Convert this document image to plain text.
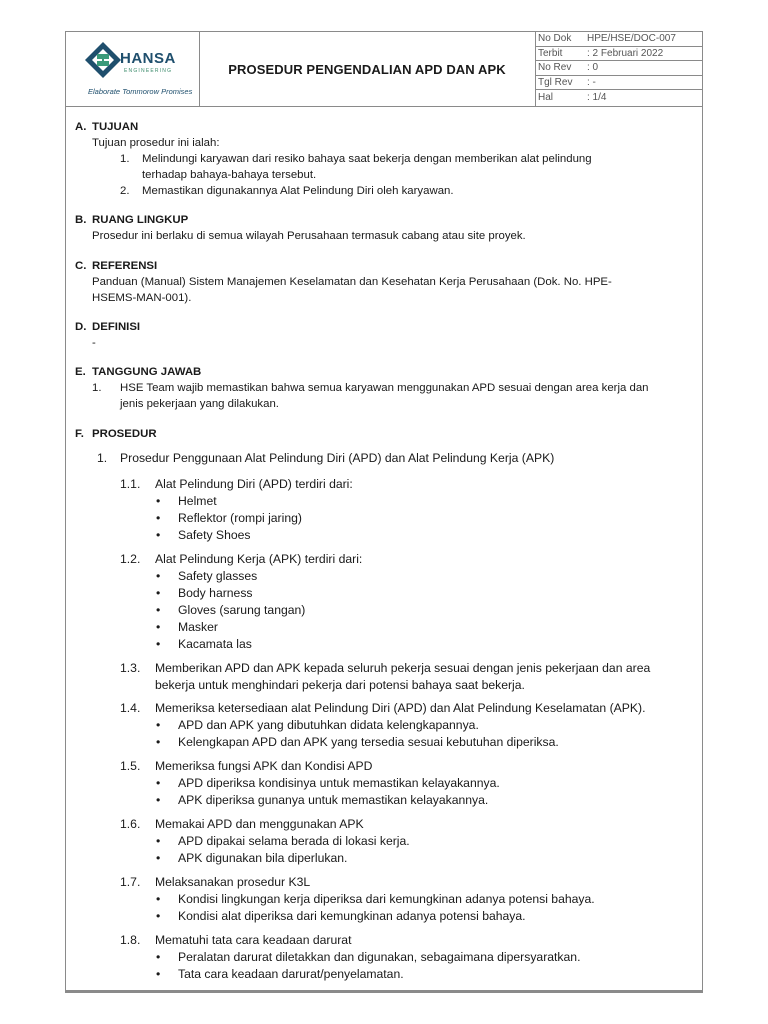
HANSA
ENGINEERING
Elaborate Tommorow Promises
PROSEDUR PENGENDALIAN APD DAN APK
No Dok	HPE/HSE/DOC-007
Terbit	: 2 Februari 2022
No Rev	: 0
Tgl Rev	: -
Hal	: 1/4
A. TUJUAN
Tujuan prosedur ini ialah:
1. Melindungi karyawan dari resiko bahaya saat bekerja dengan memberikan alat pelindung
terhadap bahaya-bahaya tersebut.
2. Memastikan digunakannya Alat Pelindung Diri oleh karyawan.
B. RUANG LINGKUP
Prosedur ini berlaku di semua wilayah Perusahaan termasuk cabang atau site proyek.
C. REFERENSI
Panduan (Manual) Sistem Manajemen Keselamatan dan Kesehatan Kerja Perusahaan (Dok. No. HPE-
HSEMS-MAN-001).
D. DEFINISI
-
E. TANGGUNG JAWAB
1. HSE Team wajib memastikan bahwa semua karyawan menggunakan APD sesuai dengan area kerja dan
jenis pekerjaan yang dilakukan.
F. PROSEDUR
1. Prosedur Penggunaan Alat Pelindung Diri (APD) dan Alat Pelindung Kerja (APK)
1.1. Alat Pelindung Diri (APD) terdiri dari:
• Helmet
• Reflektor (rompi jaring)
• Safety Shoes
1.2. Alat Pelindung Kerja (APK) terdiri dari:
• Safety glasses
• Body harness
• Gloves (sarung tangan)
• Masker
• Kacamata las
1.3. Memberikan APD dan APK kepada seluruh pekerja sesuai dengan jenis pekerjaan dan area
bekerja untuk menghindari pekerja dari potensi bahaya saat bekerja.
1.4. Memeriksa ketersediaan alat Pelindung Diri (APD) dan Alat Pelindung Keselamatan (APK).
• APD dan APK yang dibutuhkan didata kelengkapannya.
• Kelengkapan APD dan APK yang tersedia sesuai kebutuhan diperiksa.
1.5. Memeriksa fungsi APK dan Kondisi APD
• APD diperiksa kondisinya untuk memastikan kelayakannya.
• APK diperiksa gunanya untuk memastikan kelayakannya.
1.6. Memakai APD dan menggunakan APK
• APD dipakai selama berada di lokasi kerja.
• APK digunakan bila diperlukan.
1.7. Melaksanakan prosedur K3L
• Kondisi lingkungan kerja diperiksa dari kemungkinan adanya potensi bahaya.
• Kondisi alat diperiksa dari kemungkinan adanya potensi bahaya.
1.8. Mematuhi tata cara keadaan darurat
• Peralatan darurat diletakkan dan digunakan, sebagaimana dipersyaratkan.
• Tata cara keadaan darurat/penyelamatan.
